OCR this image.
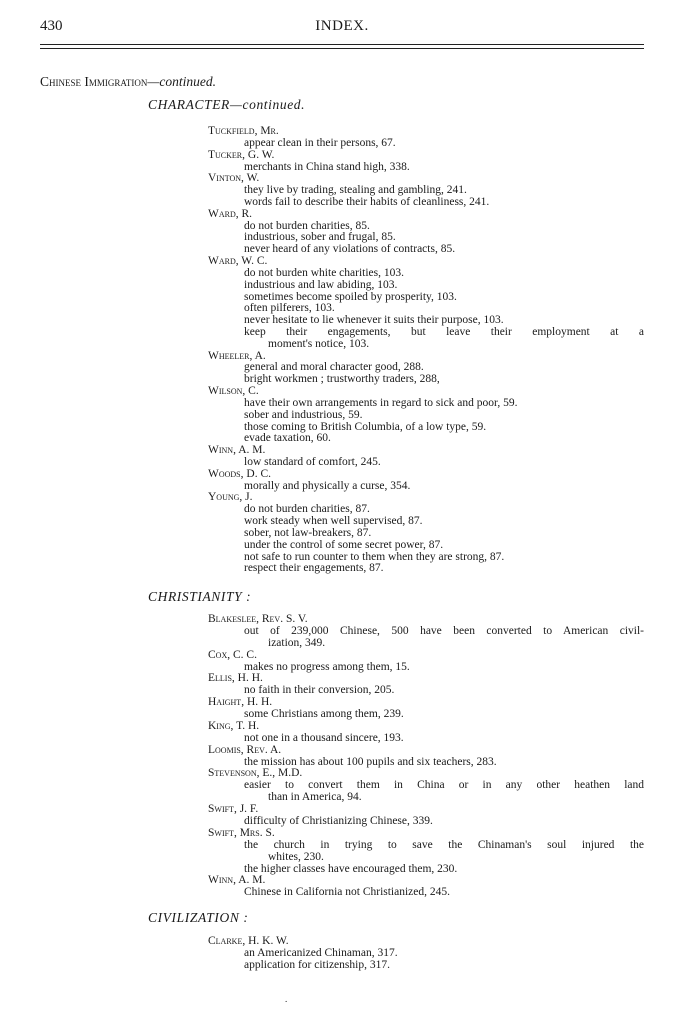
430	INDEX.
Chinese Immigration—continued.
CHARACTER—continued.
Tuckfield, Mr.
appear clean in their persons, 67.
Tucker, G. W.
merchants in China stand high, 338.
Vinton, W.
they live by trading, stealing and gambling, 241.
words fail to describe their habits of cleanliness, 241.
Ward, R.
do not burden charities, 85.
industrious, sober and frugal, 85.
never heard of any violations of contracts, 85.
Ward, W. C.
do not burden white charities, 103.
industrious and law abiding, 103.
sometimes become spoiled by prosperity, 103.
often pilferers, 103.
never hesitate to lie whenever it suits their purpose, 103.
keep their engagements, but leave their employment at a
moment's notice, 103.
Wheeler, A.
general and moral character good, 288.
bright workmen ; trustworthy traders, 288,
Wilson, C.
have their own arrangements in regard to sick and poor, 59.
sober and industrious, 59.
those coming to British Columbia, of a low type, 59.
evade taxation, 60.
Winn, A. M.
low standard of comfort, 245.
Woods, D. C.
morally and physically a curse, 354.
Young, J.
do not burden charities, 87.
work steady when well supervised, 87.
sober, not law-breakers, 87.
under the control of some secret power, 87.
not safe to run counter to them when they are strong, 87.
respect their engagements, 87.
CHRISTIANITY :
Blakeslee, Rev. S. V.
out of 239,000 Chinese, 500 have been converted to American civil-
ization, 349.
Cox, C. C.
makes no progress among them, 15.
Ellis, H. H.
no faith in their conversion, 205.
Haight, H. H.
some Christians among them, 239.
King, T. H.
not one in a thousand sincere, 193.
Loomis, Rev. A.
the mission has about 100 pupils and six teachers, 283.
Stevenson, E., M.D.
easier to convert them in China or in any other heathen land
than in America, 94.
Swift, J. F.
difficulty of Christianizing Chinese, 339.
Swift, Mrs. S.
the church in trying to save the Chinaman's soul injured the
whites, 230.
the higher classes have encouraged them, 230.
Winn, A. M.
Chinese in California not Christianized, 245.
CIVILIZATION :
Clarke, H. K. W.
an Americanized Chinaman, 317.
application for citizenship, 317.
.
